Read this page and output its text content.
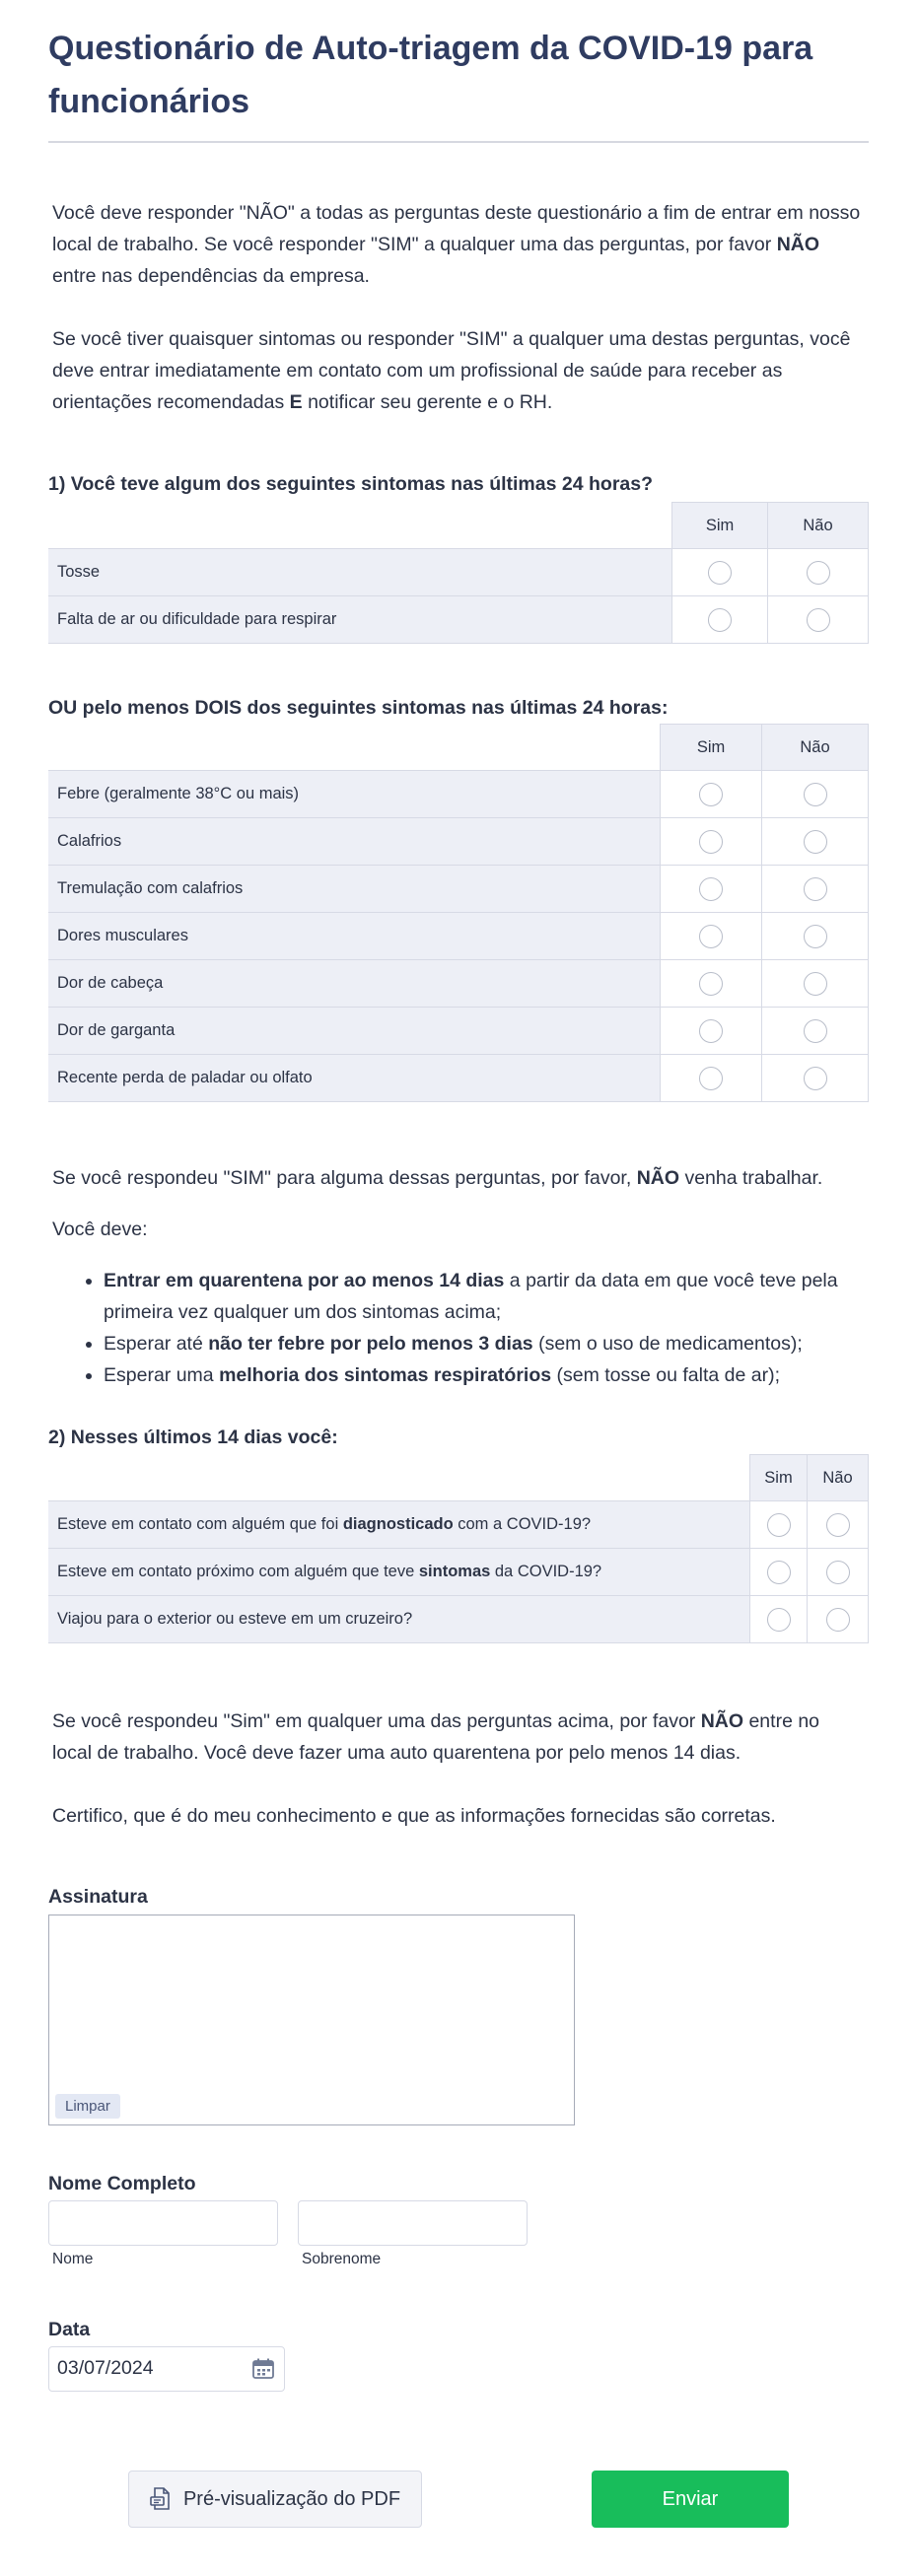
Questionário de Auto-triagem da COVID-19 para funcionários

Você deve responder "NÃO" a todas as perguntas deste questionário a fim de entrar em nosso local de trabalho. Se você responder "SIM" a qualquer uma das perguntas, por favor NÃO entre nas dependências da empresa.

Se você tiver quaisquer sintomas ou responder "SIM" a qualquer uma destas perguntas, você deve entrar imediatamente em contato com um profissional de saúde para receber as orientações recomendadas E notificar seu gerente e o RH.

1) Você teve algum dos seguintes sintomas nas últimas 24 horas?
	Sim	Não
Tosse		
Falta de ar ou dificuldade para respirar		
OU pelo menos DOIS dos seguintes sintomas nas últimas 24 horas:
	Sim	Não
Febre (geralmente 38°C ou mais)		
Calafrios		
Tremulação com calafrios		
Dores musculares		
Dor de cabeça		
Dor de garganta		
Recente perda de paladar ou olfato		

Se você respondeu "SIM" para alguma dessas perguntas, por favor, NÃO venha trabalhar.

Você deve:

• Entrar em quarentena por ao menos 14 dias a partir da data em que você teve pela primeira vez qualquer um dos sintomas acima;
• Esperar até não ter febre por pelo menos 3 dias (sem o uso de medicamentos);
• Esperar uma melhoria dos sintomas respiratórios (sem tosse ou falta de ar);
2) Nesses últimos 14 dias você:
	Sim	Não
Esteve em contato com alguém que foi diagnosticado com a COVID-19?		
Esteve em contato próximo com alguém que teve sintomas da COVID-19?		
Viajou para o exterior ou esteve em um cruzeiro?		

Se você respondeu "Sim" em qualquer uma das perguntas acima, por favor NÃO entre no local de trabalho. Você deve fazer uma auto quarentena por pelo menos 14 dias.

Certifico, que é do meu conhecimento e que as informações fornecidas são corretas.

Assinatura
Limpar
Nome Completo
Nome	Sobrenome
Data
03/07/2024
Pré-visualização do PDF	Enviar
